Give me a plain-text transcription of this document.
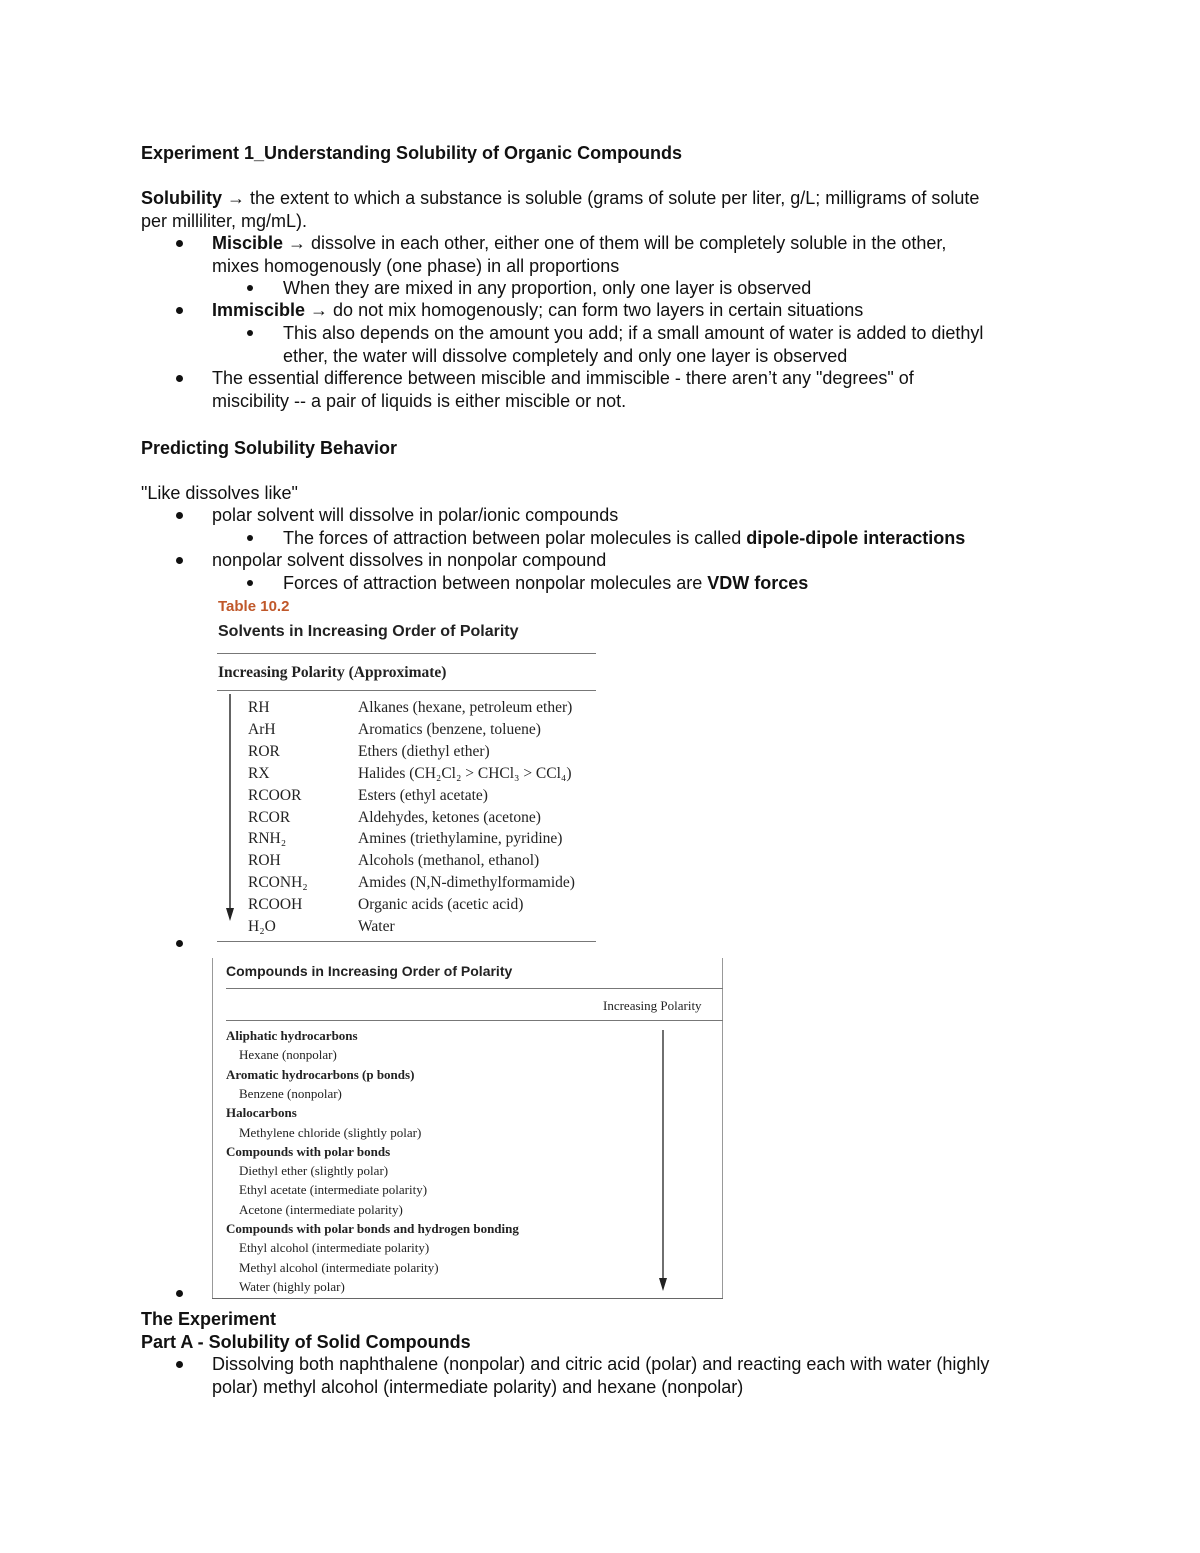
Experiment 1_Understanding Solubility of Organic Compounds
Solubility → the extent to which a substance is soluble (grams of solute per liter, g/L; milligrams of solute
per milliliter, mg/mL).
Miscible → dissolve in each other, either one of them will be completely soluble in the other,
mixes homogenously (one phase) in all proportions
When they are mixed in any proportion, only one layer is observed
Immiscible → do not mix homogenously; can form two layers in certain situations
This also depends on the amount you add; if a small amount of water is added to diethyl
ether, the water will dissolve completely and only one layer is observed
The essential difference between miscible and immiscible - there aren’t any "degrees" of
miscibility -- a pair of liquids is either miscible or not.
Predicting Solubility Behavior
"Like dissolves like"
polar solvent will dissolve in polar/ionic compounds
The forces of attraction between polar molecules is called dipole-dipole interactions
nonpolar solvent dissolves in nonpolar compound
Forces of attraction between nonpolar molecules are VDW forces
Table 10.2
Solvents in Increasing Order of Polarity
Increasing Polarity (Approximate)
RH	Alkanes (hexane, petroleum ether)
ArH	Aromatics (benzene, toluene)
ROR	Ethers (diethyl ether)
RX	Halides (CH₂Cl₂ > CHCl₃ > CCl₄)
RCOOR	Esters (ethyl acetate)
RCOR	Aldehydes, ketones (acetone)
RNH₂	Amines (triethylamine, pyridine)
ROH	Alcohols (methanol, ethanol)
RCONH₂	Amides (N,N-dimethylformamide)
RCOOH	Organic acids (acetic acid)
H₂O	Water
Compounds in Increasing Order of Polarity
Increasing Polarity
Aliphatic hydrocarbons
Hexane (nonpolar)
Aromatic hydrocarbons (p bonds)
Benzene (nonpolar)
Halocarbons
Methylene chloride (slightly polar)
Compounds with polar bonds
Diethyl ether (slightly polar)
Ethyl acetate (intermediate polarity)
Acetone (intermediate polarity)
Compounds with polar bonds and hydrogen bonding
Ethyl alcohol (intermediate polarity)
Methyl alcohol (intermediate polarity)
Water (highly polar)
The Experiment
Part A - Solubility of Solid Compounds
Dissolving both naphthalene (nonpolar) and citric acid (polar) and reacting each with water (highly
polar) methyl alcohol (intermediate polarity) and hexane (nonpolar)
